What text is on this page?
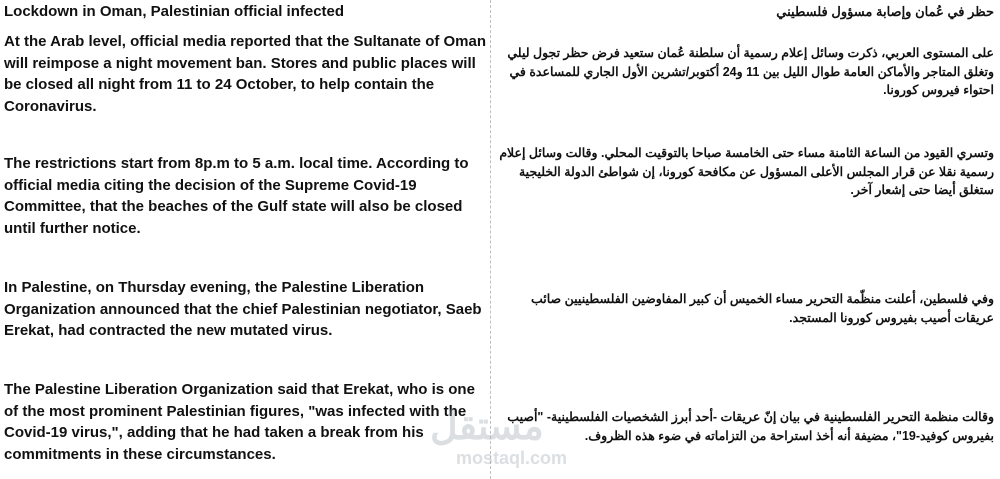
Lockdown in Oman, Palestinian official infected
At the Arab level, official media reported that the Sultanate of Oman will reimpose a night movement ban. Stores and public places will be closed all night from 11 to 24 October, to help contain the Coronavirus.
The restrictions start from 8p.m to 5 a.m. local time. According to official media citing the decision of the Supreme Covid-19 Committee, that the beaches of the Gulf state will also be closed until further notice.
In Palestine, on Thursday evening, the Palestine Liberation Organization announced that the chief Palestinian negotiator, Saeb Erekat, had contracted the new mutated virus.
The Palestine Liberation Organization said that Erekat, who is one of the most prominent Palestinian figures, "was infected with the Covid-19 virus,", adding that he had taken a break from his commitments in these circumstances.
حظر في عُمان وإصابة مسؤول فلسطيني
على المستوى العربي، ذكرت وسائل إعلام رسمية أن سلطنة عُمان ستعيد فرض حظر تجول ليلي وتغلق المتاجر والأماكن العامة طوال الليل بين 11 و24 أكتوبر/تشرين الأول الجاري للمساعدة في احتواء فيروس كورونا.
وتسري القيود من الساعة الثامنة مساء حتى الخامسة صباحا بالتوقيت المحلي. وقالت وسائل إعلام رسمية نقلا عن قرار المجلس الأعلى المسؤول عن مكافحة كورونا، إن شواطئ الدولة الخليجية ستغلق أيضا حتى إشعار آخر.
وفي فلسطين، أعلنت منظّمة التحرير مساء الخميس أن كبير المفاوضين الفلسطينيين صائب عريقات أصيب بفيروس كورونا المستجد.
وقالت منظمة التحرير الفلسطينية في بيان إنّ عريقات -أحد أبرز الشخصيات الفلسطينية- "أصيب بفيروس كوفيد-19"، مضيفة أنه أخذ استراحة من التزاماته في ضوء هذه الظروف.
مستقل
mostaql.com
